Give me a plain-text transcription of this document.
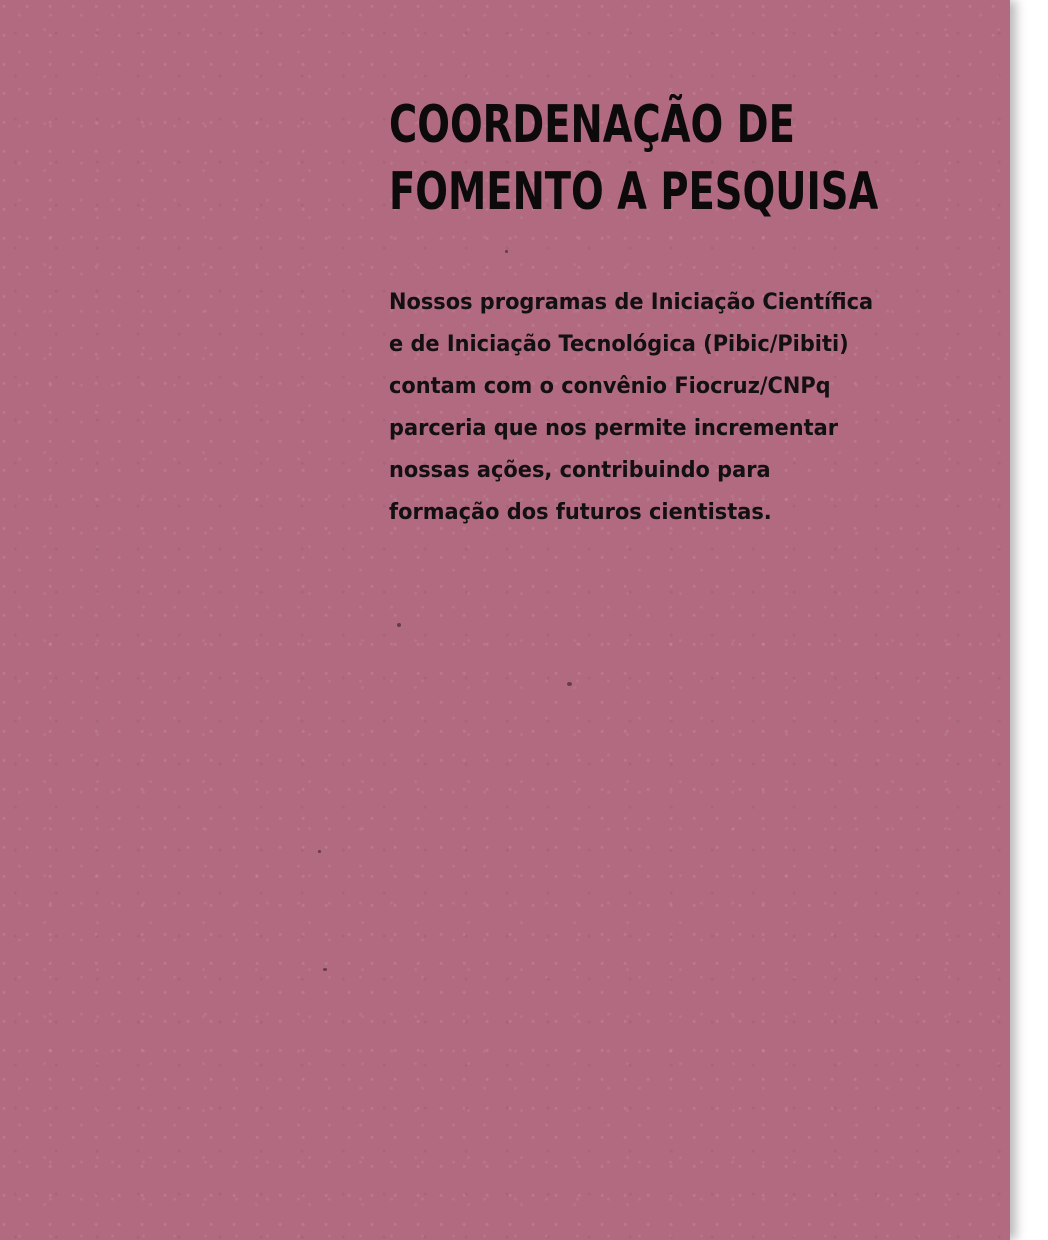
COORDENAÇÃO DE
FOMENTO A PESQUISA

Nossos programas de Iniciação Científica
e de Iniciação Tecnológica (Pibic/Pibiti)
contam com o convênio Fiocruz/CNPq
parceria que nos permite incrementar
nossas ações, contribuindo para
formação dos futuros cientistas.
